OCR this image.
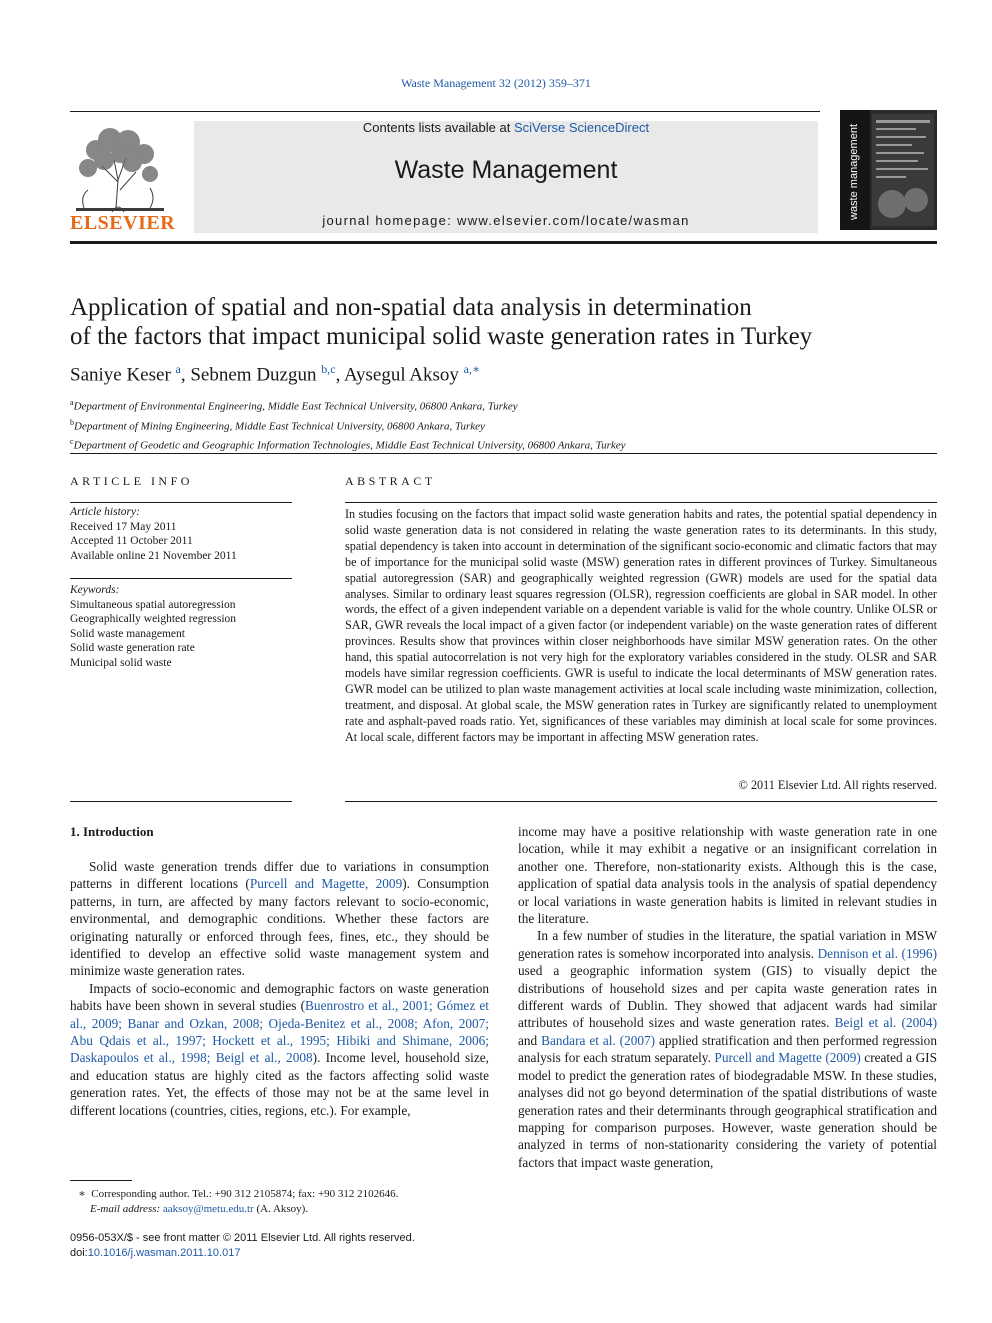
Waste Management 32 (2012) 359–371
ELSEVIER
Contents lists available at SciVerse ScienceDirect
Waste Management
journal homepage: www.elsevier.com/locate/wasman
waste management
Application of spatial and non-spatial data analysis in determination
of the factors that impact municipal solid waste generation rates in Turkey
Saniye Keser $^a$, Sebnem Duzgun $^{b,c}$, Aysegul Aksoy $^{a,∗}$
$^a$Department of Environmental Engineering, Middle East Technical University, 06800 Ankara, Turkey
$^b$Department of Mining Engineering, Middle East Technical University, 06800 Ankara, Turkey
$^c$Department of Geodetic and Geographic Information Technologies, Middle East Technical University, 06800 Ankara, Turkey
ARTICLE INFO
Article history:
Received 17 May 2011
Accepted 11 October 2011
Available online 21 November 2011
Keywords:
Simultaneous spatial autoregression
Geographically weighted regression
Solid waste management
Solid waste generation rate
Municipal solid waste
ABSTRACT
In studies focusing on the factors that impact solid waste generation habits and rates, the potential spatial dependency in solid waste generation data is not considered in relating the waste generation rates to its determinants. In this study, spatial dependency is taken into account in determination of the significant socio-economic and climatic factors that may be of importance for the municipal solid waste (MSW) generation rates in different provinces of Turkey. Simultaneous spatial autoregression (SAR) and geographically weighted regression (GWR) models are used for the spatial data analyses. Similar to ordinary least squares regression (OLSR), regression coefficients are global in SAR model. In other words, the effect of a given independent variable on a dependent variable is valid for the whole country. Unlike OLSR or SAR, GWR reveals the local impact of a given factor (or independent variable) on the waste generation rates of different provinces. Results show that provinces within closer neighborhoods have similar MSW generation rates. On the other hand, this spatial autocorrelation is not very high for the exploratory variables considered in the study. OLSR and SAR models have similar regression coefficients. GWR is useful to indicate the local determinants of MSW generation rates. GWR model can be utilized to plan waste management activities at local scale including waste minimization, collection, treatment, and disposal. At global scale, the MSW generation rates in Turkey are significantly related to unemployment rate and asphalt-paved roads ratio. Yet, significances of these variables may diminish at local scale for some provinces. At local scale, different factors may be important in affecting MSW generation rates.
© 2011 Elsevier Ltd. All rights reserved.
1. Introduction

Solid waste generation trends differ due to variations in consumption patterns in different locations (Purcell and Magette, 2009). Consumption patterns, in turn, are affected by many factors relevant to socio-economic, environmental, and demographic conditions. Whether these factors are originating naturally or enforced through fees, fines, etc., they should be identified to develop an effective solid waste management system and minimize waste generation rates.

Impacts of socio-economic and demographic factors on waste generation habits have been shown in several studies (Buenrostro et al., 2001; Gómez et al., 2009; Banar and Ozkan, 2008; Ojeda-Benitez et al., 2008; Afon, 2007; Abu Qdais et al., 1997; Hockett et al., 1995; Hibiki and Shimane, 2006; Daskapoulos et al., 1998; Beigl et al., 2008). Income level, household size, and education status are highly cited as the factors affecting solid waste generation rates. Yet, the effects of those may not be at the same level in different locations (countries, cities, regions, etc.). For example,

income may have a positive relationship with waste generation rate in one location, while it may exhibit a negative or an insignificant correlation in another one. Therefore, non-stationarity exists. Although this is the case, application of spatial data analysis tools in the analysis of spatial dependency or local variations in waste generation habits is limited in relevant studies in the literature.

In a few number of studies in the literature, the spatial variation in MSW generation rates is somehow incorporated into analysis. Dennison et al. (1996) used a geographic information system (GIS) to visually depict the distributions of household sizes and per capita waste generation rates in different wards of Dublin. They showed that adjacent wards had similar attributes of household sizes and waste generation rates. Beigl et al. (2004) and Bandara et al. (2007) applied stratification and then performed regression analysis for each stratum separately. Purcell and Magette (2009) created a GIS model to predict the generation rates of biodegradable MSW. In these studies, analyses did not go beyond determination of the spatial distributions of waste generation rates and their determinants through geographical stratification and mapping for comparison purposes. However, waste generation should be analyzed in terms of non-stationarity considering the variety of potential factors that impact waste generation,

∗ Corresponding author. Tel.: +90 312 2105874; fax: +90 312 2102646.
E-mail address: aaksoy@metu.edu.tr (A. Aksoy).
0956-053X/$ - see front matter © 2011 Elsevier Ltd. All rights reserved.
doi:10.1016/j.wasman.2011.10.017
